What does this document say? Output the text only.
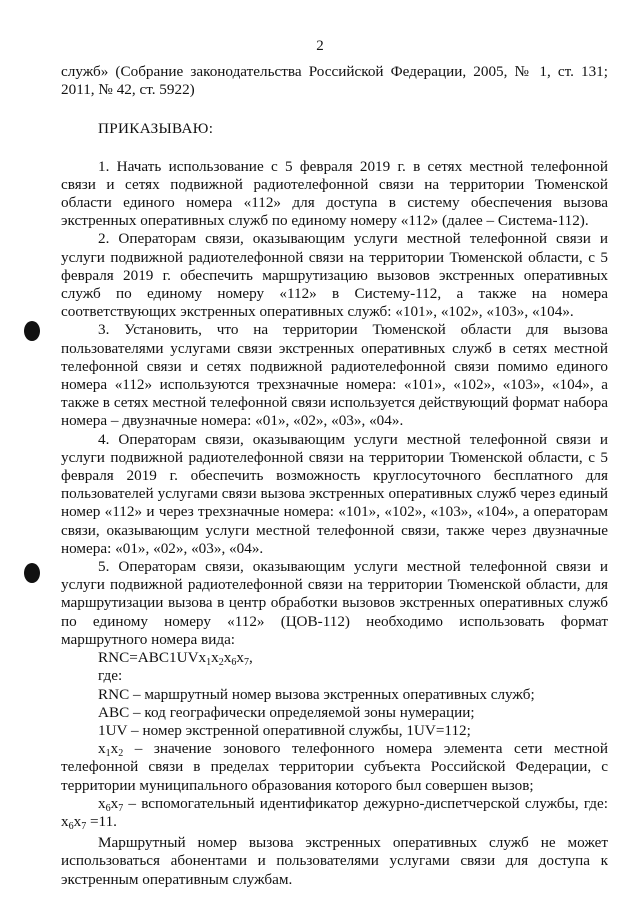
2

служб» (Собрание законодательства Российской Федерации, 2005, № 1, ст. 131; 2011, № 42, ст. 5922)

ПРИКАЗЫВАЮ:

1. Начать использование с 5 февраля 2019 г. в сетях местной телефонной связи и сетях подвижной радиотелефонной связи на территории Тюменской области единого номера «112» для доступа в систему обеспечения вызова экстренных оперативных служб по единому номеру «112» (далее – Система-112).

2. Операторам связи, оказывающим услуги местной телефонной связи и услуги подвижной радиотелефонной связи на территории Тюменской области, с 5 февраля 2019 г. обеспечить маршрутизацию вызовов экстренных оперативных служб по единому номеру «112» в Систему-112, а также на номера соответствующих экстренных оперативных служб: «101», «102», «103», «104».

3. Установить, что на территории Тюменской области для вызова пользователями услугами связи экстренных оперативных служб в сетях местной телефонной связи и сетях подвижной радиотелефонной связи помимо единого номера «112» используются трехзначные номера: «101», «102», «103», «104», а также в сетях местной телефонной связи используется действующий формат набора номера – двузначные номера: «01», «02», «03», «04».

4. Операторам связи, оказывающим услуги местной телефонной связи и услуги подвижной радиотелефонной связи на территории Тюменской области, с 5 февраля 2019 г. обеспечить возможность круглосуточного бесплатного для пользователей услугами связи вызова экстренных оперативных служб через единый номер «112» и через трехзначные номера: «101», «102», «103», «104», а операторам связи, оказывающим услуги местной телефонной связи, также через двузначные номера: «01», «02», «03», «04».

5. Операторам связи, оказывающим услуги местной телефонной связи и услуги подвижной радиотелефонной связи на территории Тюменской области, для маршрутизации вызова в центр обработки вызовов экстренных оперативных служб по единому номеру «112» (ЦОВ-112) необходимо использовать формат маршрутного номера вида:

$RNC=ABC1UVx_1x_2x_6x_7$,

где:

RNC – маршрутный номер вызова экстренных оперативных служб;

ABC – код географически определяемой зоны нумерации;

1UV – номер экстренной оперативной службы, 1UV=112;

$x_1x_2$ – значение зонового телефонного номера элемента сети местной телефонной связи в пределах территории субъекта Российской Федерации, с территории муниципального образования которого был совершен вызов;

$x_6x_7$ – вспомогательный идентификатор дежурно-диспетчерской службы, где: $x_6x_7 =11$.

Маршрутный номер вызова экстренных оперативных служб не может использоваться абонентами и пользователями услугами связи для доступа к экстренным оперативным службам.
